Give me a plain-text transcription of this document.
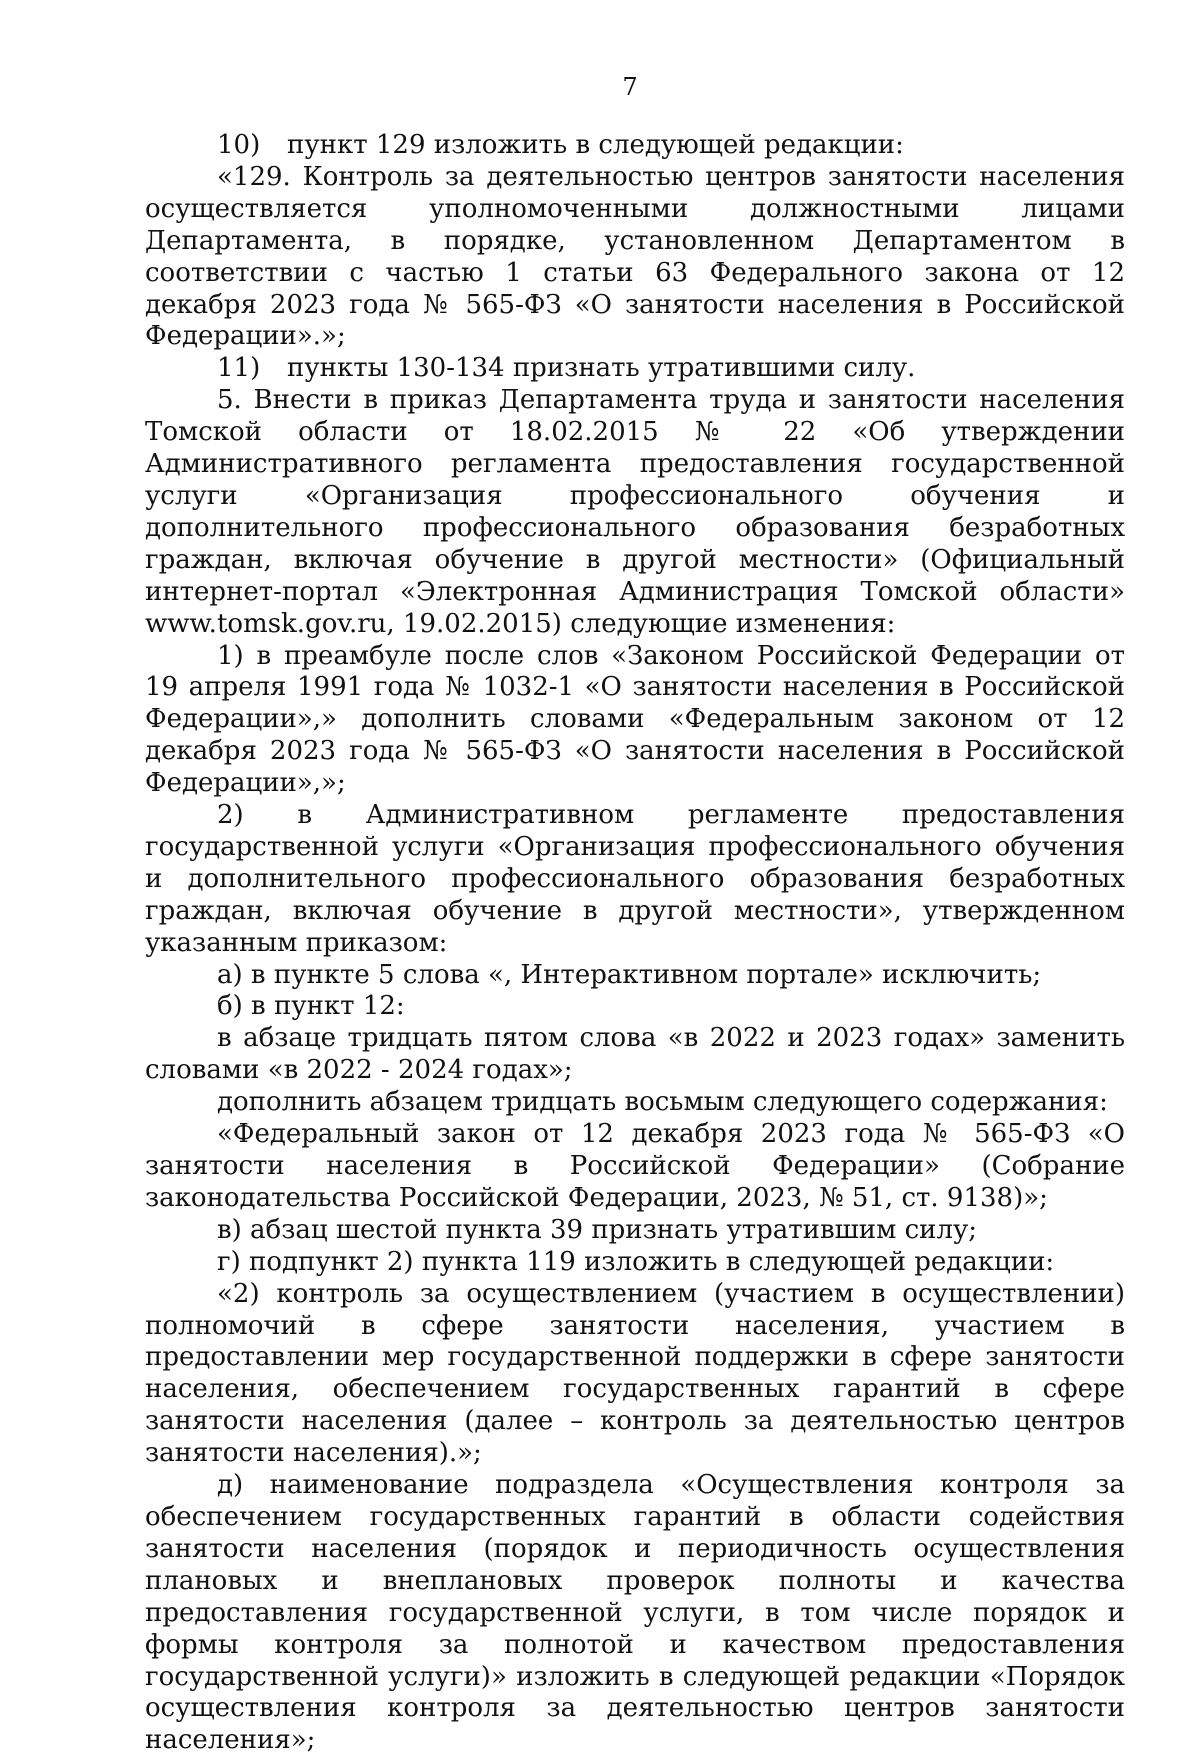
7

10) пункт 129 изложить в следующей редакции:

«129. Контроль за деятельностью центров занятости населения осуществляется уполномоченными должностными лицами Департамента, в порядке, установленном Департаментом в соответствии с частью 1 статьи 63 Федерального закона от 12 декабря 2023 года № 565-ФЗ «О занятости населения в Российской Федерации».»;

11) пункты 130-134 признать утратившими силу.

5. Внести в приказ Департамента труда и занятости населения Томской области от 18.02.2015 № 22 «Об утверждении Административного регламента предоставления государственной услуги «Организация профессионального обучения и дополнительного профессионального образования безработных граждан, включая обучение в другой местности» (Официальный интернет-портал «Электронная Администрация Томской области» www.tomsk.gov.ru, 19.02.2015) следующие изменения:

1) в преамбуле после слов «Законом Российской Федерации от 19 апреля 1991 года № 1032-1 «О занятости населения в Российской Федерации»,» дополнить словами «Федеральным законом от 12 декабря 2023 года № 565-ФЗ «О занятости населения в Российской Федерации»,»;

2) в Административном регламенте предоставления государственной услуги «Организация профессионального обучения и дополнительного профессионального образования безработных граждан, включая обучение в другой местности», утвержденном указанным приказом:

а) в пункте 5 слова «, Интерактивном портале» исключить;

б) в пункт 12:

в абзаце тридцать пятом слова «в 2022 и 2023 годах» заменить словами «в 2022 - 2024 годах»;

дополнить абзацем тридцать восьмым следующего содержания:

«Федеральный закон от 12 декабря 2023 года № 565-ФЗ «О занятости населения в Российской Федерации» (Собрание законодательства Российской Федерации, 2023, № 51, ст. 9138)»;

в) абзац шестой пункта 39 признать утратившим силу;

г) подпункт 2) пункта 119 изложить в следующей редакции:

«2) контроль за осуществлением (участием в осуществлении) полномочий в сфере занятости населения, участием в предоставлении мер государственной поддержки в сфере занятости населения, обеспечением государственных гарантий в сфере занятости населения (далее – контроль за деятельностью центров занятости населения).»;

д) наименование подраздела «Осуществления контроля за обеспечением государственных гарантий в области содействия занятости населения (порядок и периодичность осуществления плановых и внеплановых проверок полноты и качества предоставления государственной услуги, в том числе порядок и формы контроля за полнотой и качеством предоставления государственной услуги)» изложить в следующей редакции «Порядок осуществления контроля за деятельностью центров занятости населения»;
